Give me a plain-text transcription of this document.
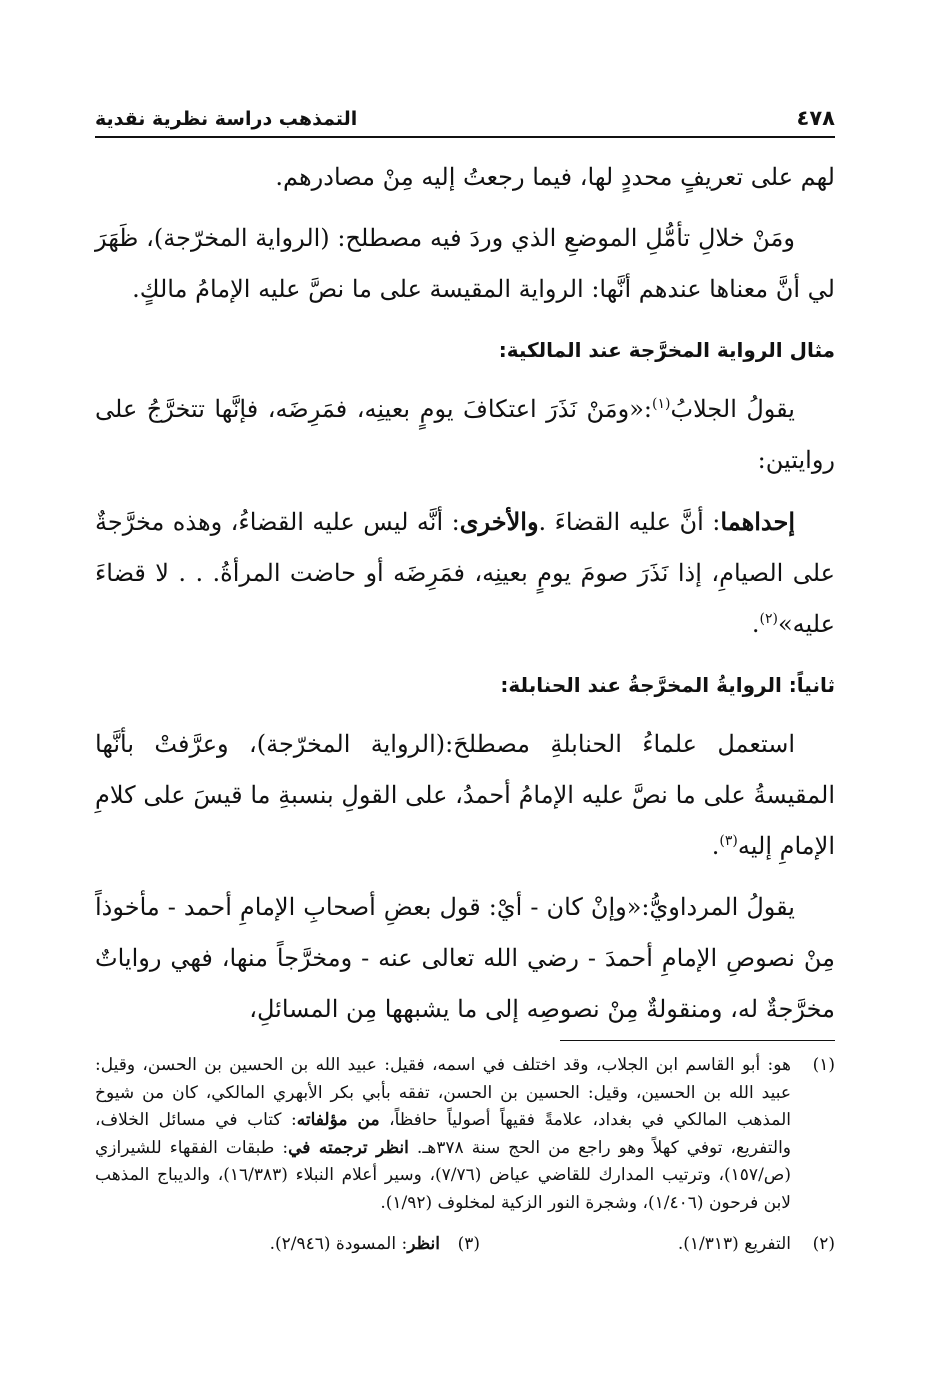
٤٧٨
التمذهب دراسة نظرية نقدية

لهم على تعريفٍ محددٍ لها، فيما رجعتُ إليه مِنْ مصادرهم.

ومَنْ خلالِ تأمُّلِ الموضعِ الذي وردَ فيه مصطلح: (الرواية المخرّجة)، ظَهَرَ لي أنَّ معناها عندهم أنَّها: الرواية المقيسة على ما نصَّ عليه الإمامُ مالكٍ.

مثال الرواية المخرَّجة عند المالكية:

يقولُ الجلابُ$^{(١)}$:«ومَنْ نَذَرَ اعتكافَ يومٍ بعينِه، فمَرِضَه، فإنَّها تتخرَّجُ على روايتين:

إحداهما: أنَّ عليه القضاءَ .والأخرى: أنَّه ليس عليه القضاءُ، وهذه مخرَّجةٌ على الصيامِ، إذا نَذَرَ صومَ يومٍ بعينِه، فمَرِضَه أو حاضت المرأةُ. . . لا قضاءَ عليه»$^{(٢)}$.

ثانياً: الروايةُ المخرَّجةُ عند الحنابلة:

استعمل علماءُ الحنابلةِ مصطلحَ:(الرواية المخرّجة)، وعرَّفتْ بأنَّها المقيسةُ على ما نصَّ عليه الإمامُ أحمدُ، على القولِ بنسبةِ ما قيسَ على كلامِ الإمامِ إليه$^{(٣)}$.

يقولُ المرداويُّ:«وإنْ كان - أيْ: قول بعضِ أصحابِ الإمامِ أحمد - مأخوذاً مِنْ نصوصِ الإمامِ أحمدَ - رضي الله تعالى عنه - ومخرَّجاً منها، فهي رواياتٌ مخرَّجةٌ له، ومنقولةٌ مِنْ نصوصِه إلى ما يشبهها مِن المسائلِ،

(١)
هو: أبو القاسم ابن الجلاب، وقد اختلف في اسمه، فقيل: عبيد الله بن الحسين بن الحسن، وقيل: عبيد الله بن الحسين، وقيل: الحسين بن الحسن، تفقه بأبي بكر الأبهري المالكي، كان من شيوخ المذهب المالكي في بغداد، علامةً فقيهاً أصولياً حافظاً، من مؤلفاته: كتاب في مسائل الخلاف، والتفريع، توفي كهلاً وهو راجع من الحج سنة ٣٧٨هـ. انظر ترجمته في: طبقات الفقهاء للشيرازي (ص/١٥٧)، وترتيب المدارك للقاضي عياض (٧/٧٦)، وسير أعلام النبلاء (١٦/٣٨٣)، والديباج المذهب لابن فرحون (١/٤٠٦)، وشجرة النور الزكية لمخلوف (١/٩٢).
(٢)
التفريع (١/٣١٣).
(٣)
انظر: المسودة (٢/٩٤٦).
